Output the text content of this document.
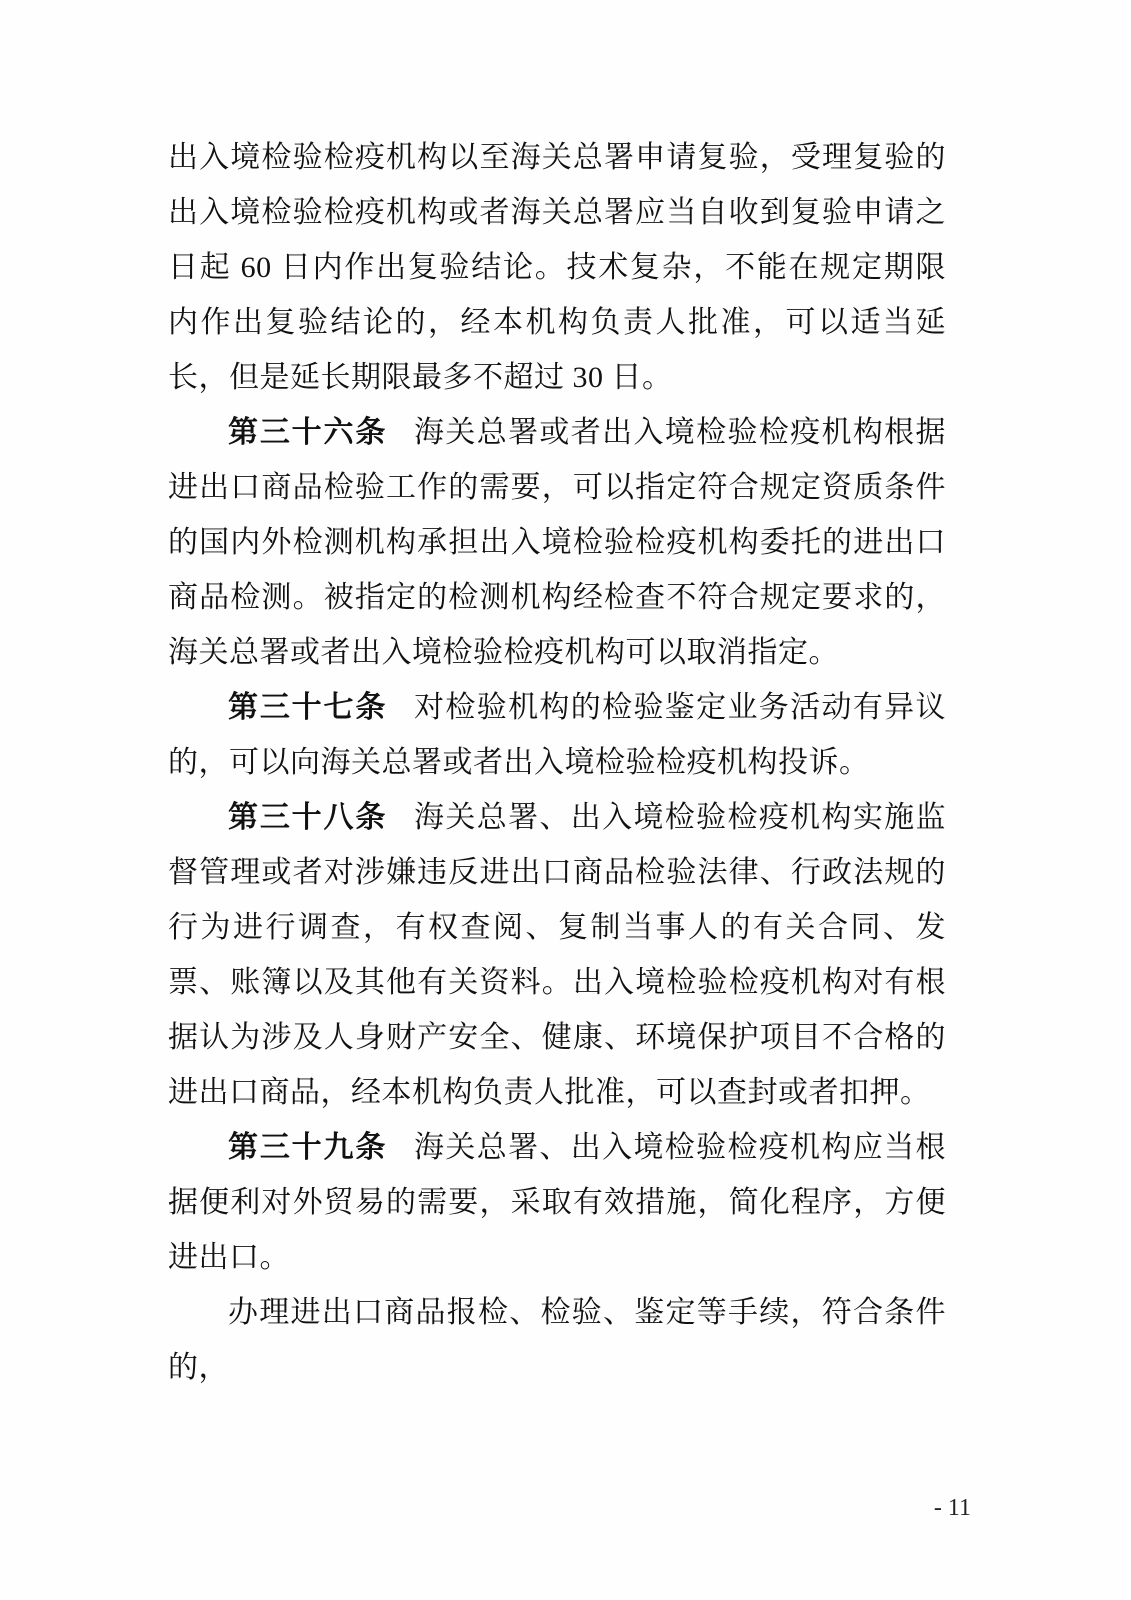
出入境检验检疫机构以至海关总署申请复验，受理复验的出入境检验检疫机构或者海关总署应当自收到复验申请之日起 60 日内作出复验结论。技术复杂，不能在规定期限内作出复验结论的，经本机构负责人批准，可以适当延长，但是延长期限最多不超过 30 日。

第三十六条 海关总署或者出入境检验检疫机构根据进出口商品检验工作的需要，可以指定符合规定资质条件的国内外检测机构承担出入境检验检疫机构委托的进出口商品检测。被指定的检测机构经检查不符合规定要求的，海关总署或者出入境检验检疫机构可以取消指定。

第三十七条 对检验机构的检验鉴定业务活动有异议的，可以向海关总署或者出入境检验检疫机构投诉。

第三十八条 海关总署、出入境检验检疫机构实施监督管理或者对涉嫌违反进出口商品检验法律、行政法规的行为进行调查，有权查阅、复制当事人的有关合同、发票、账簿以及其他有关资料。出入境检验检疫机构对有根据认为涉及人身财产安全、健康、环境保护项目不合格的进出口商品，经本机构负责人批准，可以查封或者扣押。

第三十九条 海关总署、出入境检验检疫机构应当根据便利对外贸易的需要，采取有效措施，简化程序，方便进出口。

办理进出口商品报检、检验、鉴定等手续，符合条件的，

- 11
